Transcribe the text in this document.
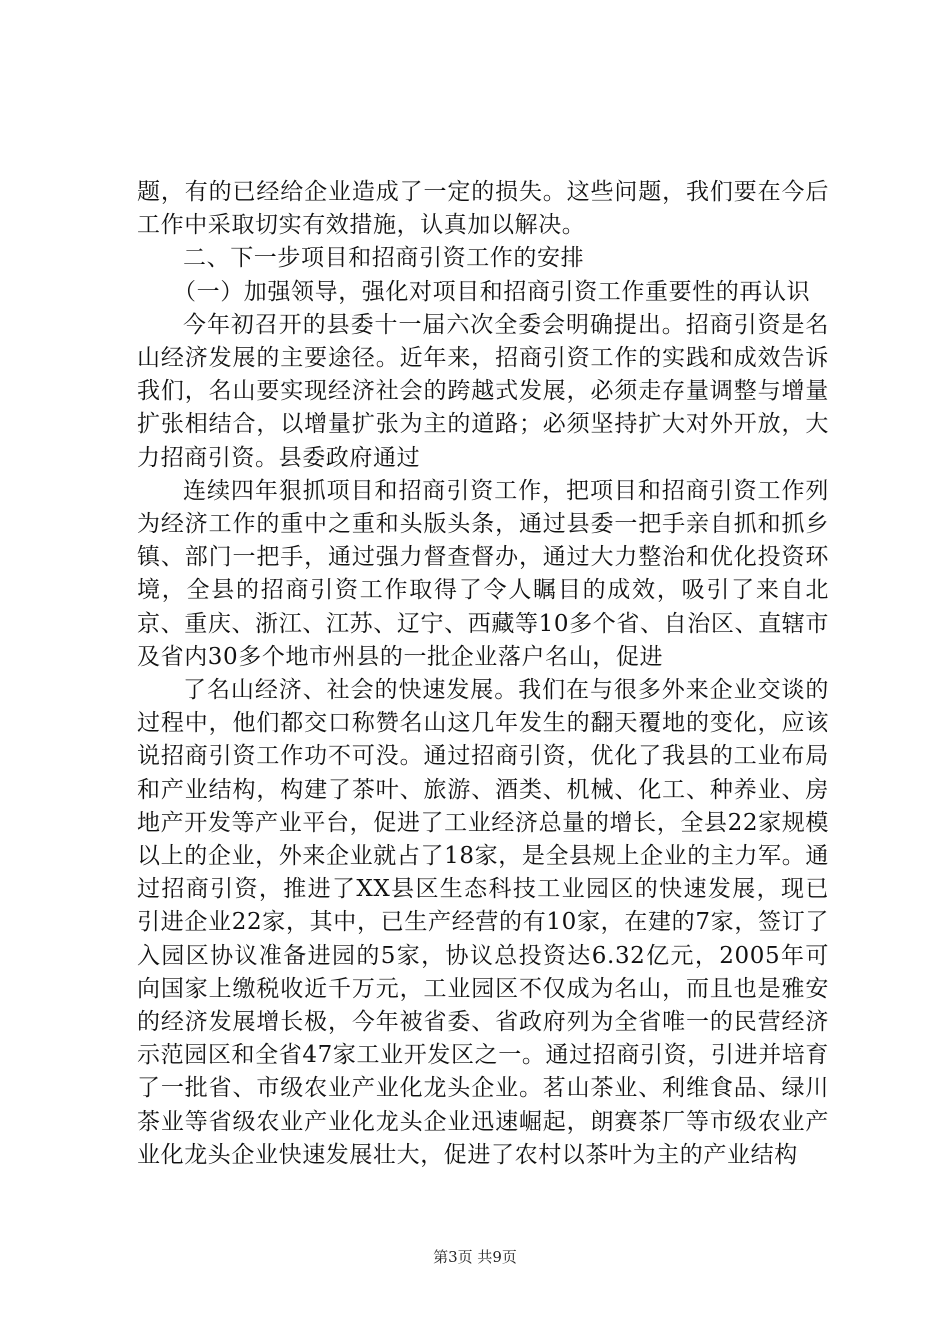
题，有的已经给企业造成了一定的损失。这些问题，我们要在今后工作中采取切实有效措施，认真加以解决。

二、下一步项目和招商引资工作的安排

（一）加强领导，强化对项目和招商引资工作重要性的再认识

今年初召开的县委十一届六次全委会明确提出。招商引资是名山经济发展的主要途径。近年来，招商引资工作的实践和成效告诉我们，名山要实现经济社会的跨越式发展，必须走存量调整与增量扩张相结合，以增量扩张为主的道路；必须坚持扩大对外开放，大力招商引资。县委政府通过

连续四年狠抓项目和招商引资工作，把项目和招商引资工作列为经济工作的重中之重和头版头条，通过县委一把手亲自抓和抓乡镇、部门一把手，通过强力督查督办，通过大力整治和优化投资环境，全县的招商引资工作取得了令人瞩目的成效，吸引了来自北京、重庆、浙江、江苏、辽宁、西藏等10多个省、自治区、直辖市及省内30多个地市州县的一批企业落户名山，促进

了名山经济、社会的快速发展。我们在与很多外来企业交谈的过程中，他们都交口称赞名山这几年发生的翻天覆地的变化，应该说招商引资工作功不可没。通过招商引资，优化了我县的工业布局和产业结构，构建了茶叶、旅游、酒类、机械、化工、种养业、房地产开发等产业平台，促进了工业经济总量的增长，全县22家规模以上的企业，外来企业就占了18家，是全县规上企业的主力军。通过招商引资，推进了XX县区生态科技工业园区的快速发展，现已引进企业22家，其中，已生产经营的有10家，在建的7家，签订了入园区协议准备进园的5家，协议总投资达6.32亿元，2005年可向国家上缴税收近千万元，工业园区不仅成为名山，而且也是雅安的经济发展增长极，今年被省委、省政府列为全省唯一的民营经济示范园区和全省47家工业开发区之一。通过招商引资，引进并培育了一批省、市级农业产业化龙头企业。茗山茶业、利维食品、绿川茶业等省级农业产业化龙头企业迅速崛起，朗赛茶厂等市级农业产业化龙头企业快速发展壮大，促进了农村以茶叶为主的产业结构

第3页 共9页
